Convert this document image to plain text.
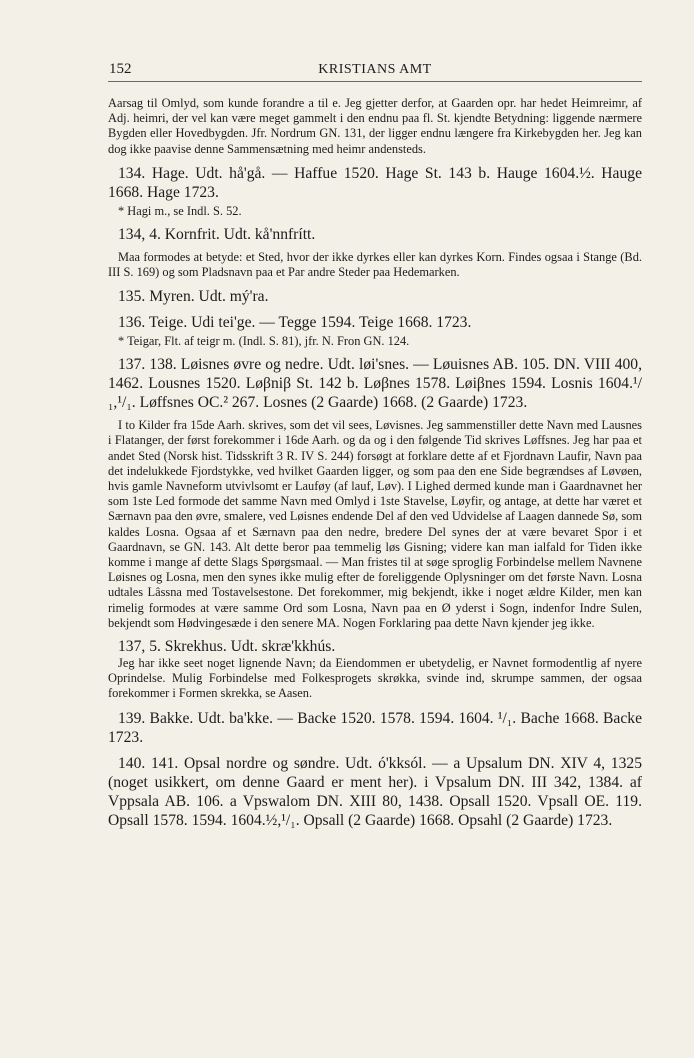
152	KRISTIANS AMT

Aarsag til Omlyd, som kunde forandre a til e. Jeg gjetter derfor, at Gaarden opr. har hedet Heimreimr, af Adj. heimri, der vel kan være meget gammelt i den endnu paa fl. St. kjendte Betydning: liggende nærmere Bygden eller Hovedbygden. Jfr. Nordrum GN. 131, der ligger endnu længere fra Kirkebygden her. Jeg kan dog ikke paavise denne Sammensætning med heimr andensteds.

134. Hage. Udt. hå'gå. — Haffue 1520. Hage St. 143 b. Hauge 1604.½. Hauge 1668. Hage 1723.

* Hagi m., se Indl. S. 52.

134, 4. Kornfrit. Udt. kå'nnfrítt.

Maa formodes at betyde: et Sted, hvor der ikke dyrkes eller kan dyrkes Korn. Findes ogsaa i Stange (Bd. III S. 169) og som Pladsnavn paa et Par andre Steder paa Hedemarken.

135. Myren. Udt. mý'ra.

136. Teige. Udi tei'ge. — Tegge 1594. Teige 1668. 1723.

* Teigar, Flt. af teigr m. (Indl. S. 81), jfr. N. Fron GN. 124.

137. 138. Løisnes øvre og nedre. Udt. løi'snes. — Løuisnes AB. 105. DN. VIII 400, 1462. Lousnes 1520. Løβniβ St. 142 b. Løβnes 1578. Løiβnes 1594. Losnis 1604.¹/₁,¹/₁. Løffsnes OC.² 267. Losnes (2 Gaarde) 1668. (2 Gaarde) 1723.

I to Kilder fra 15de Aarh. skrives, som det vil sees, Løvisnes. Jeg sammenstiller dette Navn med Lausnes i Flatanger, der først forekommer i 16de Aarh. og da og i den følgende Tid skrives Løffsnes. Jeg har paa et andet Sted (Norsk hist. Tidsskrift 3 R. IV S. 244) forsøgt at forklare dette af et Fjordnavn Laufir, Navn paa det indelukkede Fjordstykke, ved hvilket Gaarden ligger, og som paa den ene Side begrændses af Løvøen, hvis gamle Navneform utvivlsomt er Lauføy (af lauf, Løv). I Lighed dermed kunde man i Gaardnavnet her som 1ste Led formode det samme Navn med Omlyd i 1ste Stavelse, Løyfir, og antage, at dette har været et Særnavn paa den øvre, smalere, ved Løisnes endende Del af den ved Udvidelse af Laagen dannede Sø, som kaldes Losna. Ogsaa af et Særnavn paa den nedre, bredere Del synes der at være bevaret Spor i et Gaardnavn, se GN. 143. Alt dette beror paa temmelig løs Gisning; videre kan man ialfald for Tiden ikke komme i mange af dette Slags Spørgsmaal. — Man fristes til at søge sproglig Forbindelse mellem Navnene Løisnes og Losna, men den synes ikke mulig efter de foreliggende Oplysninger om det første Navn. Losna udtales Lâssna med Tostavelsestone. Det forekommer, mig bekjendt, ikke i noget ældre Kilder, men kan rimelig formodes at være samme Ord som Losna, Navn paa en Ø yderst i Sogn, indenfor Indre Sulen, bekjendt som Hødvingesæde i den senere MA. Nogen Forklaring paa dette Navn kjender jeg ikke.

137, 5. Skrekhus. Udt. skræ'kkhús.

Jeg har ikke seet noget lignende Navn; da Eiendommen er ubetydelig, er Navnet formodentlig af nyere Oprindelse. Mulig Forbindelse med Folkesprogets skrøkka, svinde ind, skrumpe sammen, der ogsaa forekommer i Formen skrekka, se Aasen.

139. Bakke. Udt. ba'kke. — Backe 1520. 1578. 1594. 1604. ¹/₁. Bache 1668. Backe 1723.

140. 141. Opsal nordre og søndre. Udt. ó'kksól. — a Upsalum DN. XIV 4, 1325 (noget usikkert, om denne Gaard er ment her). i Vpsalum DN. III 342, 1384. af Vppsala AB. 106. a Vpswalom DN. XIII 80, 1438. Opsall 1520. Vpsall OE. 119. Opsall 1578. 1594. 1604.½,¹/₁. Opsall (2 Gaarde) 1668. Opsahl (2 Gaarde) 1723.
